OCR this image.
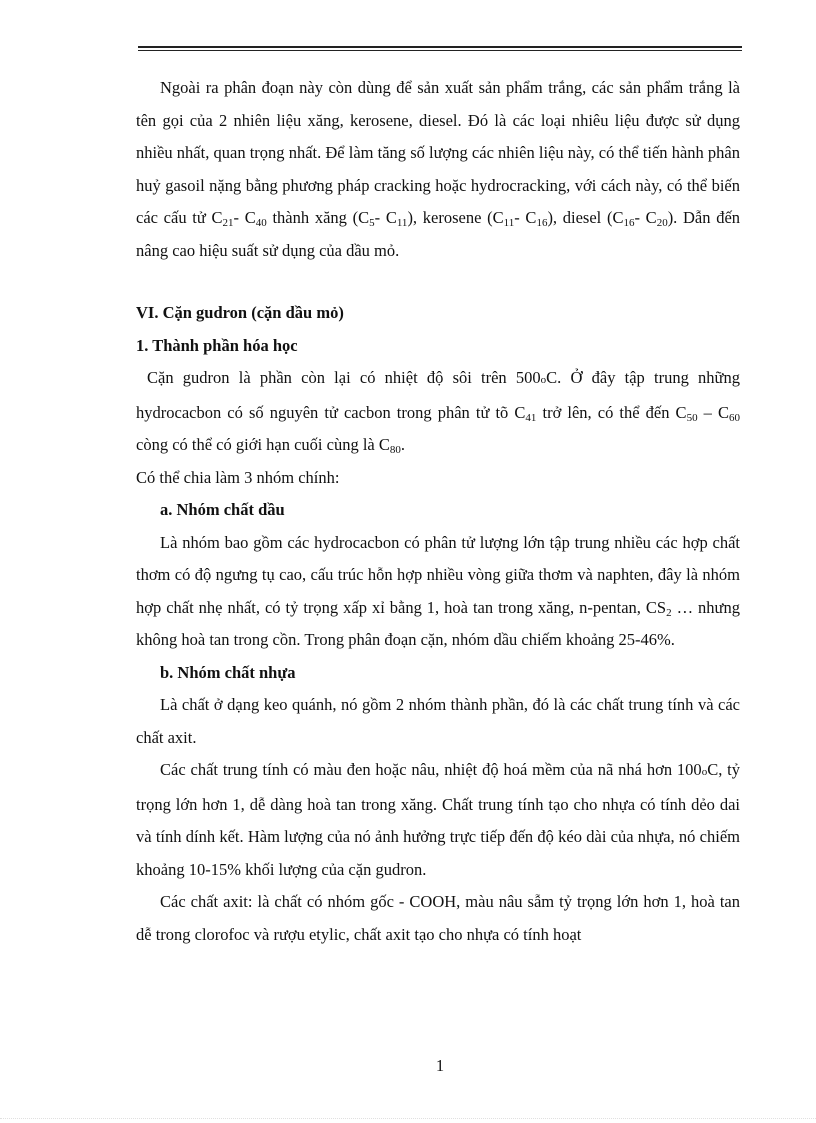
Ngoài ra phân đoạn này còn dùng để sản xuất sản phẩm trắng, các sản phẩm trắng là tên gọi của 2 nhiên liệu xăng, kerosene, diesel. Đó là các loại nhiêu liệu được sử dụng nhiều nhất, quan trọng nhất. Để làm tăng số lượng các nhiên liệu này, có thể tiến hành phân huỷ gasoil nặng bằng phương pháp cracking hoặc hydrocracking, với cách này, có thể biến các cấu tử $C_{21}-$ $C_{40}$ thành xăng ($C_5-$ $C_{11}$), kerosene ($C_{11}-$ $C_{16}$), diesel ($C_{16}-$ $C_{20}$). Dẫn đến nâng cao hiệu suất sử dụng của dầu mỏ.

VI. Cặn gudron (cặn dầu mỏ)

1. Thành phần hóa học

Cặn gudron là phần còn lại có nhiệt độ sôi trên 500oC. Ở đây tập trung những hydrocacbon có số nguyên tử cacbon trong phân tử tõ $C_{41}$ trở lên, có thể đến $C_{50} - C_{60}$ còng có thể có giới hạn cuối cùng là $C_{80}$.

Có thể chia làm 3 nhóm chính:

a. Nhóm chất dầu

Là nhóm bao gồm các hydrocacbon có phân tử lượng lớn tập trung nhiều các hợp chất thơm có độ ngưng tụ cao, cấu trúc hỗn hợp nhiều vòng giữa thơm và naphten, đây là nhóm hợp chất nhẹ nhất, có tỷ trọng xấp xỉ bằng 1, hoà tan trong xăng, n-pentan, $CS_2$ … nhưng không hoà tan trong cồn. Trong phân đoạn cặn, nhóm dầu chiếm khoảng 25-46%.

b. Nhóm chất nhựa

Là chất ở dạng keo quánh, nó gồm 2 nhóm thành phần, đó là các chất trung tính và các chất axit.

Các chất trung tính có màu đen hoặc nâu, nhiệt độ hoá mềm của nã nhá hơn 100oC, tỷ trọng lớn hơn 1, dễ dàng hoà tan trong xăng. Chất trung tính tạo cho nhựa có tính dẻo dai và tính dính kết. Hàm lượng của nó ảnh hưởng trực tiếp đến độ kéo dài của nhựa, nó chiếm khoảng 10-15% khối lượng của cặn gudron.

Các chất axit: là chất có nhóm gốc - COOH, màu nâu sẫm tỷ trọng lớn hơn 1, hoà tan dễ trong clorofoc và rượu etylic, chất axit tạo cho nhựa có tính hoạt

1
